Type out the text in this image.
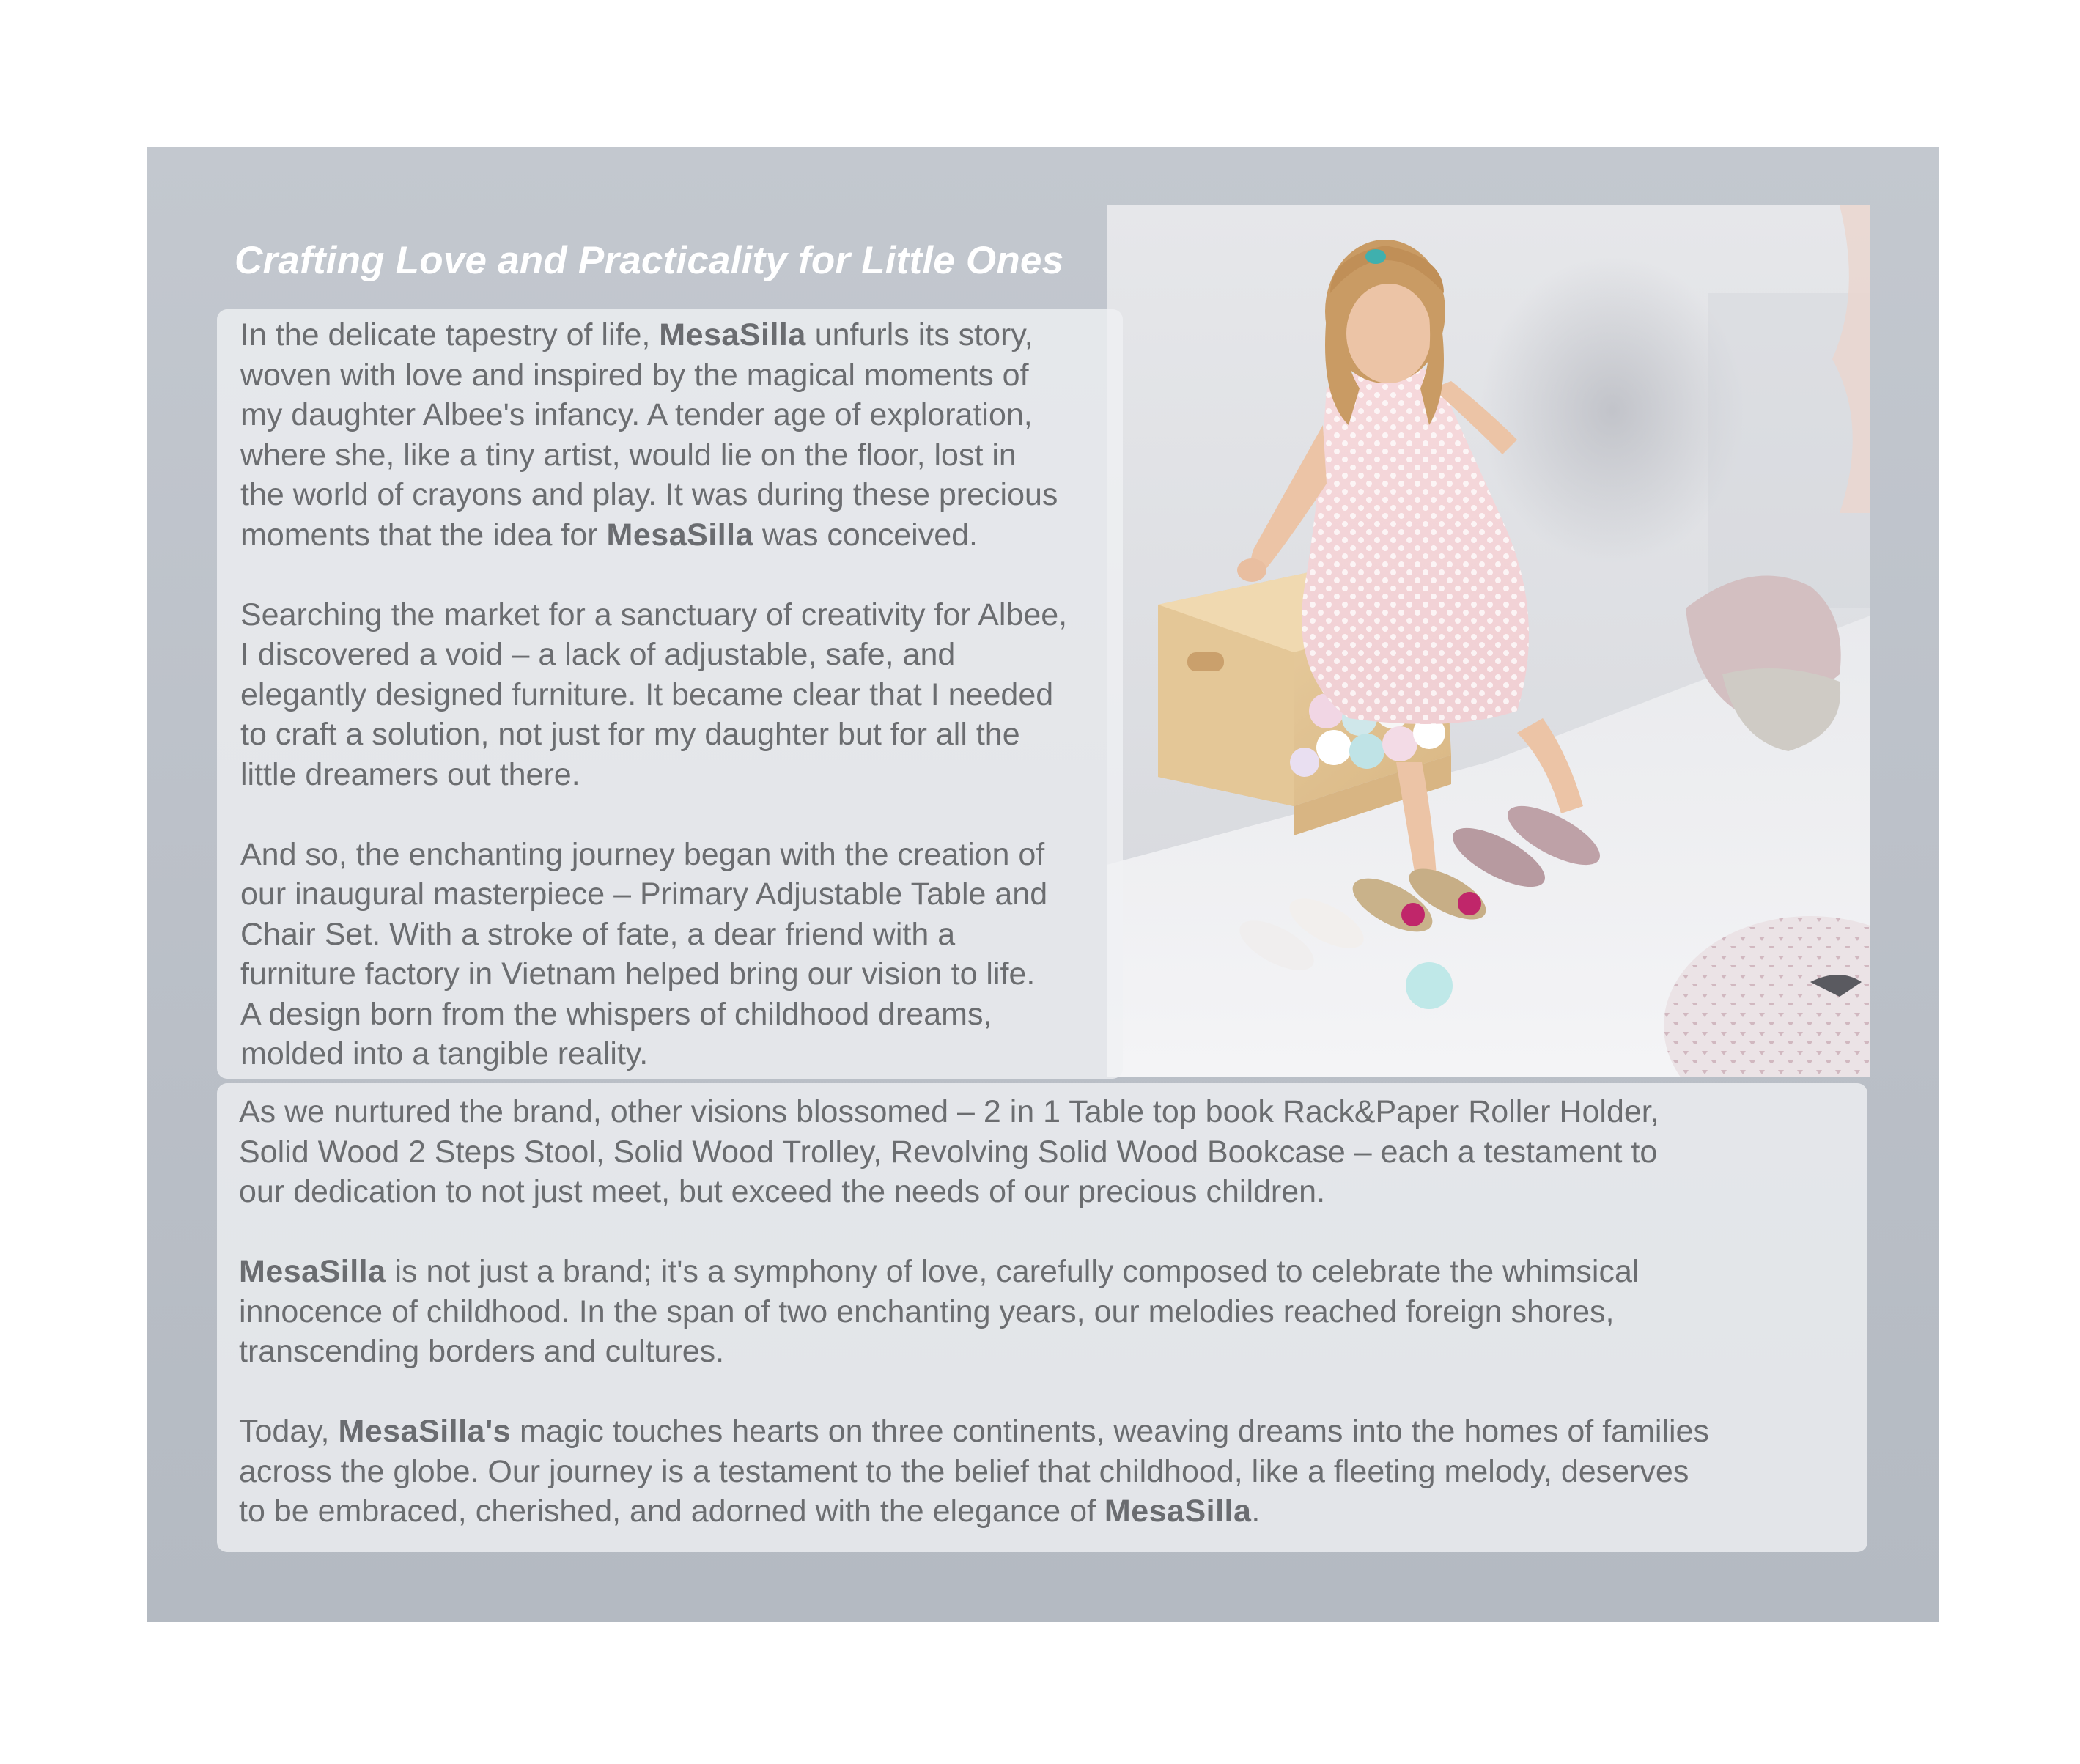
Crafting Love and Practicality for Little Ones

In the delicate tapestry of life, MesaSilla unfurls its story,
woven with love and inspired by the magical moments of
my daughter Albee's infancy. A tender age of exploration,
where she, like a tiny artist, would lie on the floor, lost in
the world of crayons and play. It was during these precious
moments that the idea for MesaSilla was conceived.

Searching the market for a sanctuary of creativity for Albee,
I discovered a void – a lack of adjustable, safe, and
elegantly designed furniture. It became clear that I needed
to craft a solution, not just for my daughter but for all the
little dreamers out there.

And so, the enchanting journey began with the creation of
our inaugural masterpiece – Primary Adjustable Table and
Chair Set. With a stroke of fate, a dear friend with a
furniture factory in Vietnam helped bring our vision to life.
A design born from the whispers of childhood dreams,
molded into a tangible reality.

As we nurtured the brand, other visions blossomed – 2 in 1 Table top book Rack&Paper Roller Holder,
Solid Wood 2 Steps Stool, Solid Wood Trolley, Revolving Solid Wood Bookcase – each a testament to
our dedication to not just meet, but exceed the needs of our precious children.

MesaSilla is not just a brand; it's a symphony of love, carefully composed to celebrate the whimsical
innocence of childhood. In the span of two enchanting years, our melodies reached foreign shores,
transcending borders and cultures.

Today, MesaSilla's magic touches hearts on three continents, weaving dreams into the homes of families
across the globe. Our journey is a testament to the belief that childhood, like a fleeting melody, deserves
to be embraced, cherished, and adorned with the elegance of MesaSilla.
